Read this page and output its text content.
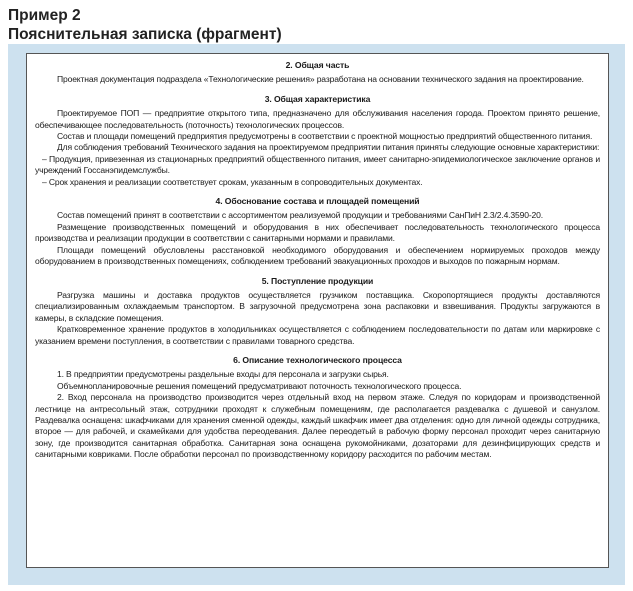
Пример 2
Пояснительная записка (фрагмент)
2. Общая часть

Проектная документация подраздела «Технологические решения» разработана на основании технического задания на проектирование.

3. Общая характеристика

Проектируемое ПОП — предприятие открытого типа, предназначено для обслуживания населения города. Проектом принято решение, обеспечивающее последовательность (поточность) технологических процессов.

Состав и площади помещений предприятия предусмотрены в соответствии с проектной мощностью предприятий общественного питания.

Для соблюдения требований Технического задания на проектируемом предприятии питания приняты следующие основные характеристики:

– Продукция, привезенная из стационарных предприятий общественного питания, имеет санитарно-эпидемиологическое заключение органов и учреждений Госсанэпидемслужбы.

– Срок хранения и реализации соответствует срокам, указанным в сопроводительных документах.

4. Обоснование состава и площадей помещений

Состав помещений принят в соответствии с ассортиментом реализуемой продукции и требованиями СанПиН 2.3/2.4.3590-20.

Размещение производственных помещений и оборудования в них обеспечивает последовательность технологического процесса производства и реализации продукции в соответствии с санитарными нормами и правилами.

Площади помещений обусловлены расстановкой необходимого оборудования и обеспечением нормируемых проходов между оборудованием в производственных помещениях, соблюдением требований эвакуационных проходов и выходов по пожарным нормам.

5. Поступление продукции

Разгрузка машины и доставка продуктов осуществляется грузчиком поставщика. Скоропортящиеся продукты доставляются специализированным охлаждаемым транспортом. В загрузочной предусмотрена зона распаковки и взвешивания. Продукты загружаются в камеры, в складские помещения.

Кратковременное хранение продуктов в холодильниках осуществляется с соблюдением последовательности по датам или маркировке с указанием времени поступления, в соответствии с правилами товарного средства.

6. Описание технологического процесса

1. В предприятии предусмотрены раздельные входы для персонала и загрузки сырья.

Объемнопланировочные решения помещений предусматривают поточность технологического процесса.

2. Вход персонала на производство производится через отдельный вход на первом этаже. Следуя по коридорам и производственной лестнице на антресольный этаж, сотрудники проходят к служебным помещениям, где располагается раздевалка с душевой и санузлом. Раздевалка оснащена: шкафчиками для хранения сменной одежды, каждый шкафчик имеет два отделения: одно для личной одежды сотрудника, второе — для рабочей, и скамейками для удобства переодевания. Далее переодетый в рабочую форму персонал проходит через санитарную зону, где производится санитарная обработка. Санитарная зона оснащена рукомойниками, дозаторами для дезинфицирующих средств и санитарными ковриками. После обработки персонал по производственному коридору расходится по рабочим местам.
